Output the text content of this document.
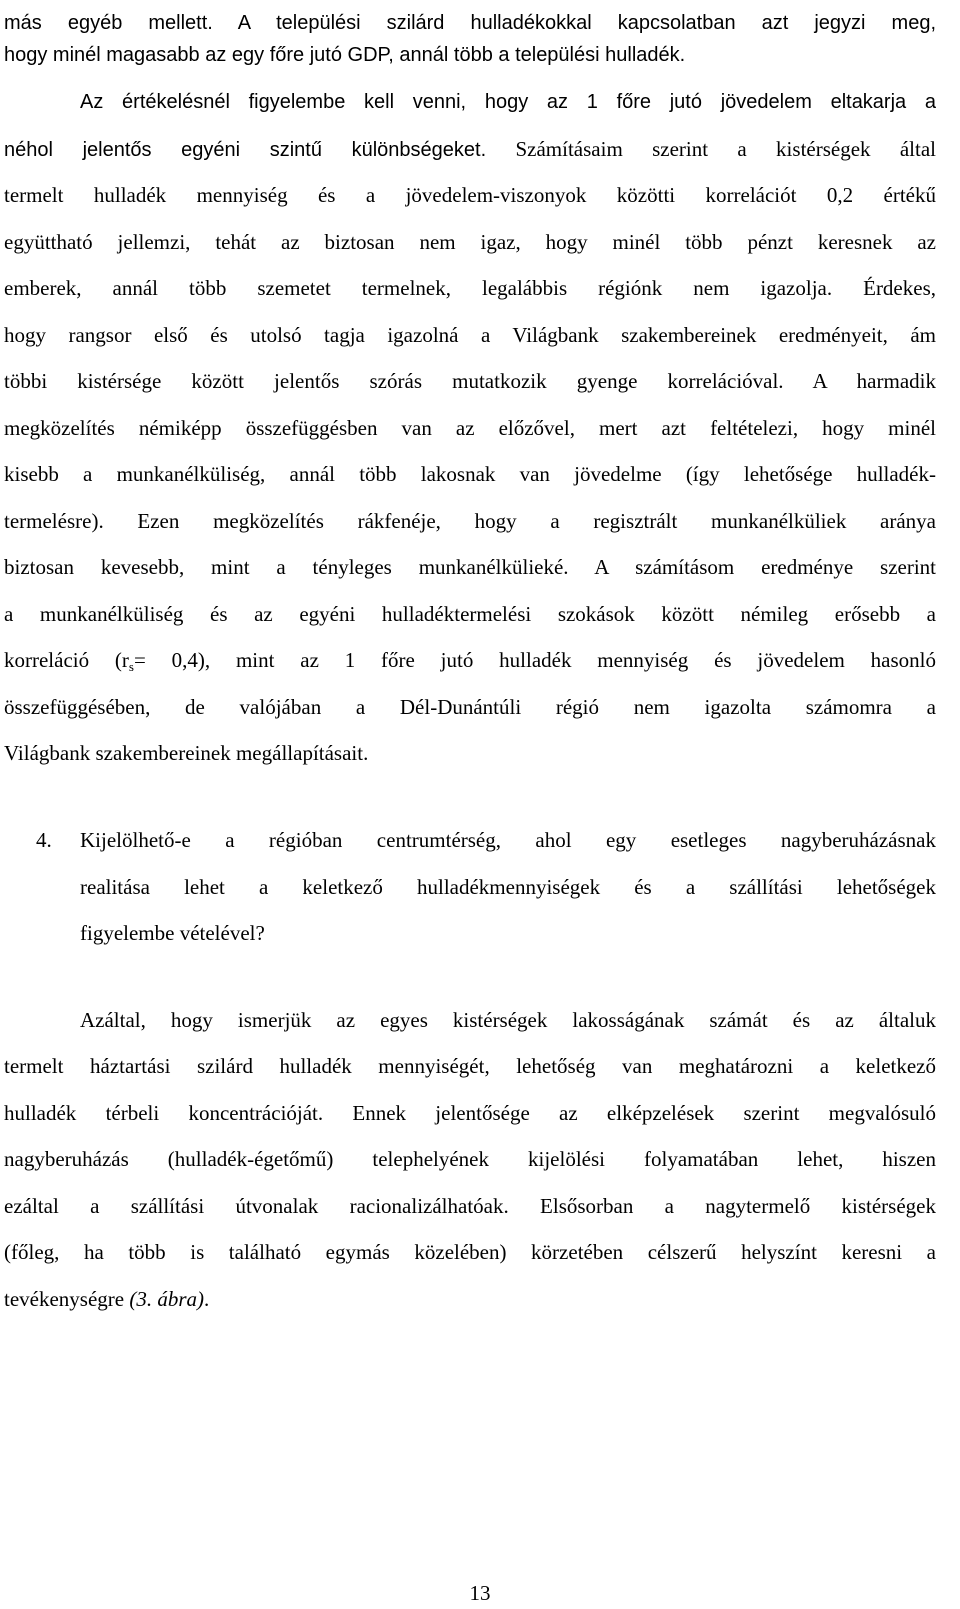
más egyéb mellett. A települési szilárd hulladékokkal kapcsolatban azt jegyzi meg,
hogy minél magasabb az egy főre jutó GDP, annál több a települési hulladék.
Az értékelésnél figyelembe kell venni, hogy az 1 főre jutó jövedelem eltakarja a
néhol jelentős egyéni szintű különbségeket. Számításaim szerint a kistérségek által
termelt hulladék mennyiség és a jövedelem-viszonyok közötti korrelációt 0,2 értékű
együttható jellemzi, tehát az biztosan nem igaz, hogy minél több pénzt keresnek az
emberek, annál több szemetet termelnek, legalábbis régiónk nem igazolja. Érdekes,
hogy rangsor első és utolsó tagja igazolná a Világbank szakembereinek eredményeit, ám
többi kistérsége között jelentős szórás mutatkozik gyenge korrelációval. A harmadik
megközelítés némiképp összefüggésben van az előzővel, mert azt feltételezi, hogy minél
kisebb a munkanélküliség, annál több lakosnak van jövedelme (így lehetősége hulladék-
termelésre). Ezen megközelítés rákfenéje, hogy a regisztrált munkanélküliek aránya
biztosan kevesebb, mint a tényleges munkanélkülieké. A számításom eredménye szerint
a munkanélküliség és az egyéni hulladéktermelési szokások között némileg erősebb a
korreláció $(r_s= 0,4)$, mint az 1 főre jutó hulladék mennyiség és jövedelem hasonló
összefüggésében, de valójában a Dél-Dunántúli régió nem igazolta számomra a
Világbank szakembereinek megállapításait.
4. Kijelölhető-e a régióban centrumtérség, ahol egy esetleges nagyberuházásnak
realitása lehet a keletkező hulladékmennyiségek és a szállítási lehetőségek
figyelembe vételével?
Azáltal, hogy ismerjük az egyes kistérségek lakosságának számát és az általuk
termelt háztartási szilárd hulladék mennyiségét, lehetőség van meghatározni a keletkező
hulladék térbeli koncentrációját. Ennek jelentősége az elképzelések szerint megvalósuló
nagyberuházás (hulladék-égetőmű) telephelyének kijelölési folyamatában lehet, hiszen
ezáltal a szállítási útvonalak racionalizálhatóak. Elsősorban a nagytermelő kistérségek
(főleg, ha több is található egymás közelében) körzetében célszerű helyszínt keresni a
tevékenységre (3. ábra).
13
